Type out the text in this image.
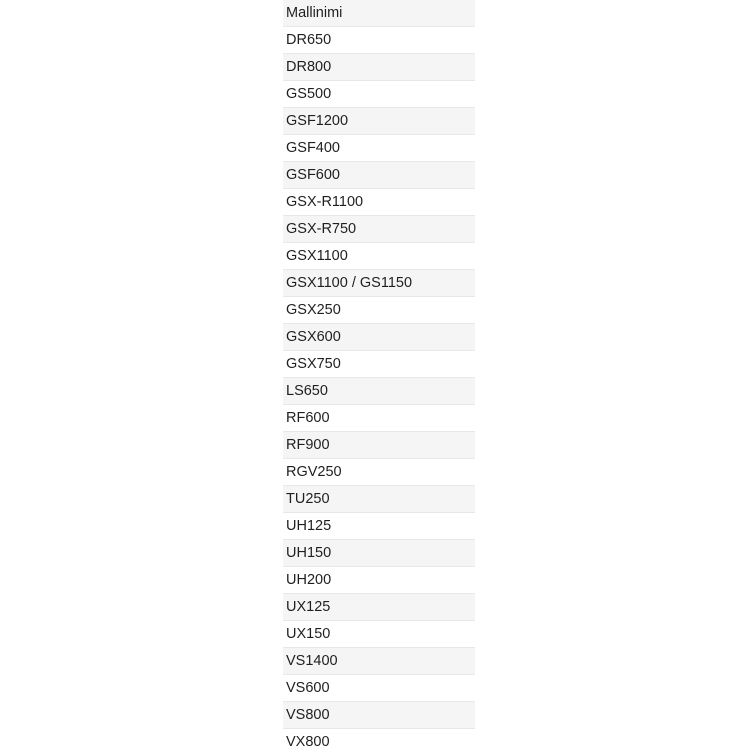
Mallinimi
DR650
DR800
GS500
GSF1200
GSF400
GSF600
GSX-R1100
GSX-R750
GSX1100
GSX1100 / GS1150
GSX250
GSX600
GSX750
LS650
RF600
RF900
RGV250
TU250
UH125
UH150
UH200
UX125
UX150
VS1400
VS600
VS800
VX800
